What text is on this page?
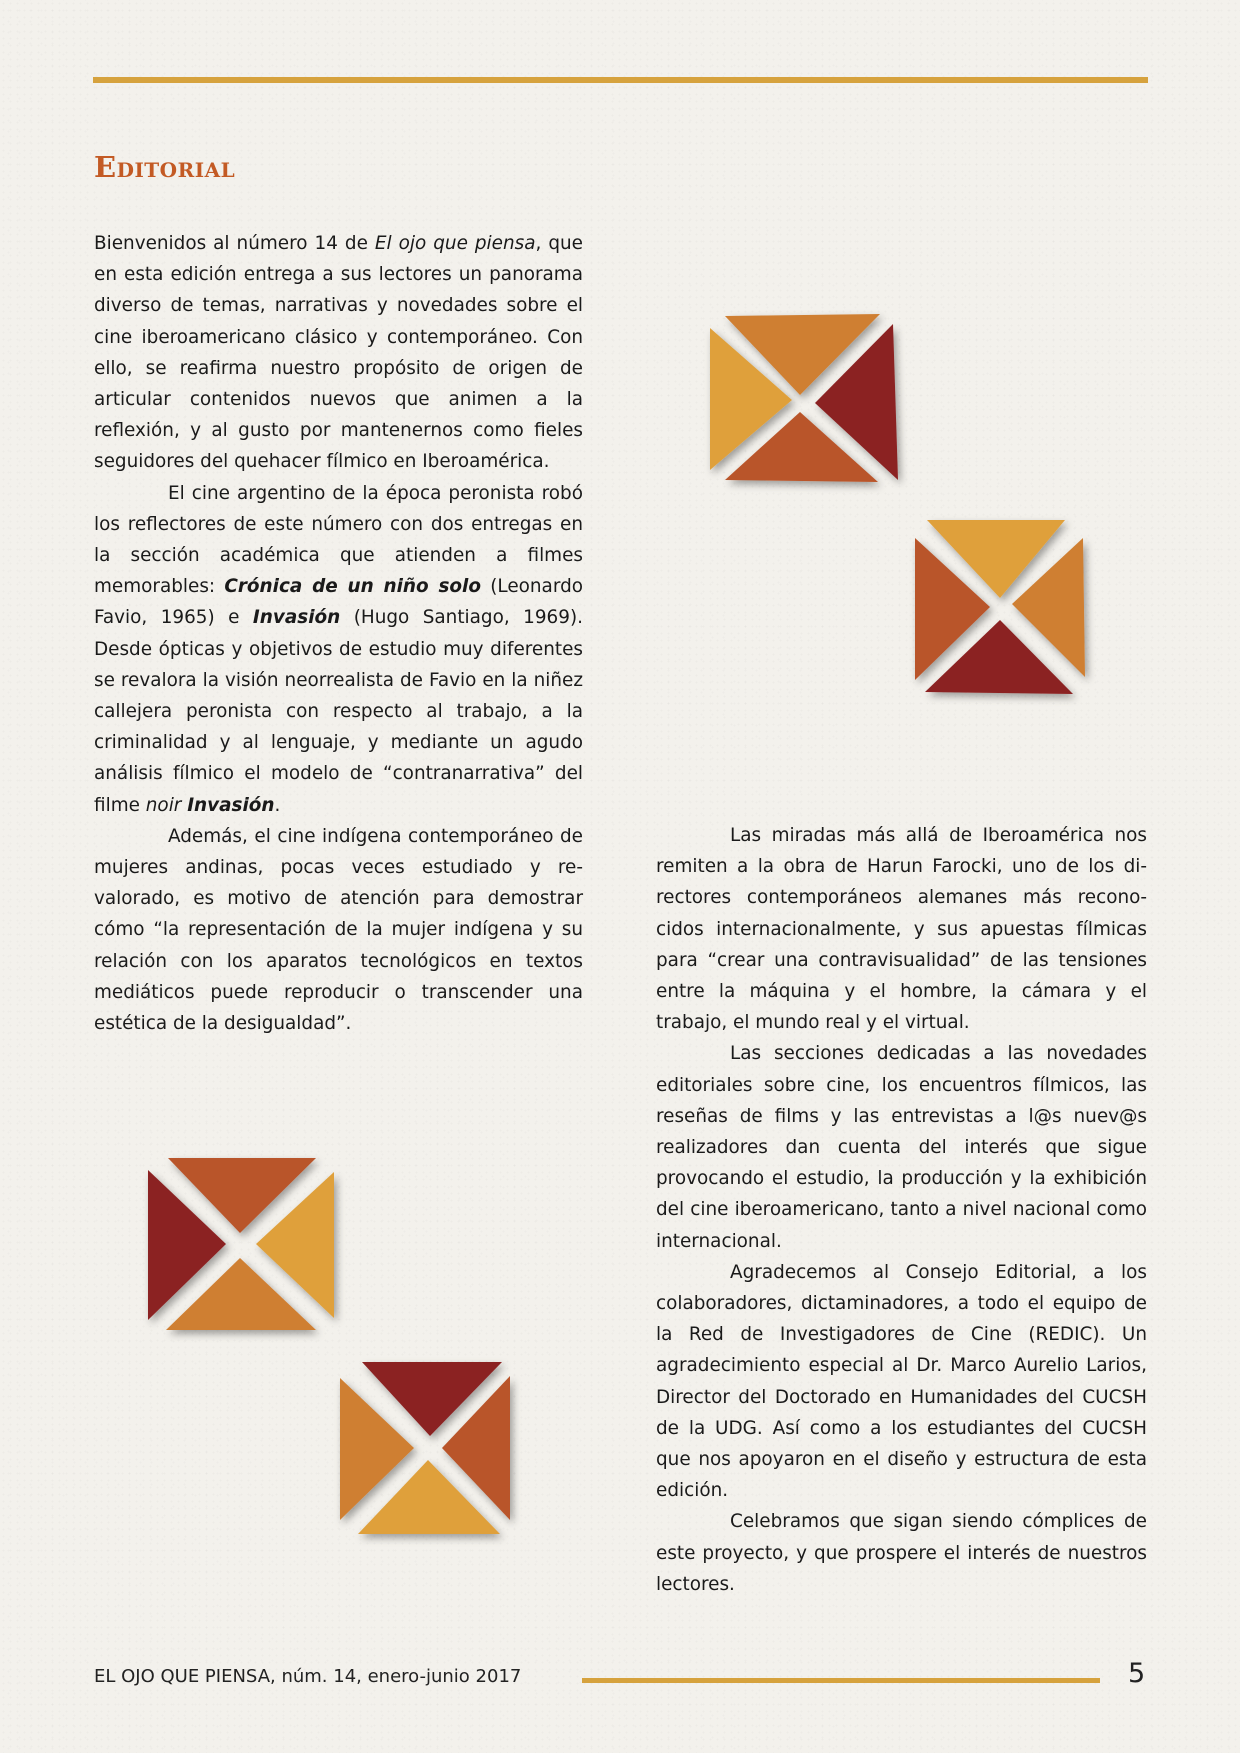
Editorial

Bienvenidos al número 14 de El ojo que piensa, que en esta edición entrega a sus lectores un panorama diverso de temas, narrativas y novedades sobre el cine iberoamericano clásico y contemporáneo. Con ello, se reafirma nuestro propósito de origen de articular contenidos nuevos que animen a la reflexión, y al gusto por mantenernos como fieles seguidores del quehacer fílmico en Iberoamérica.

El cine argentino de la época peronista robó los reflectores de este número con dos entregas en la sección académica que atienden a filmes memorables: Crónica de un niño solo (Leonardo Favio, 1965) e Invasión (Hugo Santiago, 1969). Desde ópticas y objetivos de estudio muy diferentes se revalora la visión neorrealista de Favio en la niñez callejera peronista con respecto al trabajo, a la criminalidad y al lenguaje, y mediante un agudo análisis fílmico el modelo de “contranarrativa” del filme noir Invasión.

Además, el cine indígena contemporáneo de mujeres andinas, pocas veces estudiado y revalorado, es motivo de atención para demostrar cómo “la representación de la mujer indígena y su relación con los aparatos tecnológicos en textos mediáticos puede reproducir o transcender una estética de la desigualdad”.

Las miradas más allá de Iberoamérica nos remiten a la obra de Harun Farocki, uno de los directores contemporáneos alemanes más reconocidos internacionalmente, y sus apuestas fílmicas para “crear una contravisualidad” de las tensiones entre la máquina y el hombre, la cámara y el trabajo, el mundo real y el virtual.

Las secciones dedicadas a las novedades editoriales sobre cine, los encuentros fílmicos, las reseñas de films y las entrevistas a l@s nuev@s realizadores dan cuenta del interés que sigue provocando el estudio, la producción y la exhibición del cine iberoamericano, tanto a nivel nacional como internacional.

Agradecemos al Consejo Editorial, a los colaboradores, dictaminadores, a todo el equipo de la Red de Investigadores de Cine (REDIC). Un agradecimiento especial al Dr. Marco Aurelio Larios, Director del Doctorado en Humanidades del CUCSH de la UDG. Así como a los estudiantes del CUCSH que nos apoyaron en el diseño y estructura de esta edición.

Celebramos que sigan siendo cómplices de este proyecto, y que prospere el interés de nuestros lectores.

EL OJO QUE PIENSA, núm. 14, enero-junio 2017	5
